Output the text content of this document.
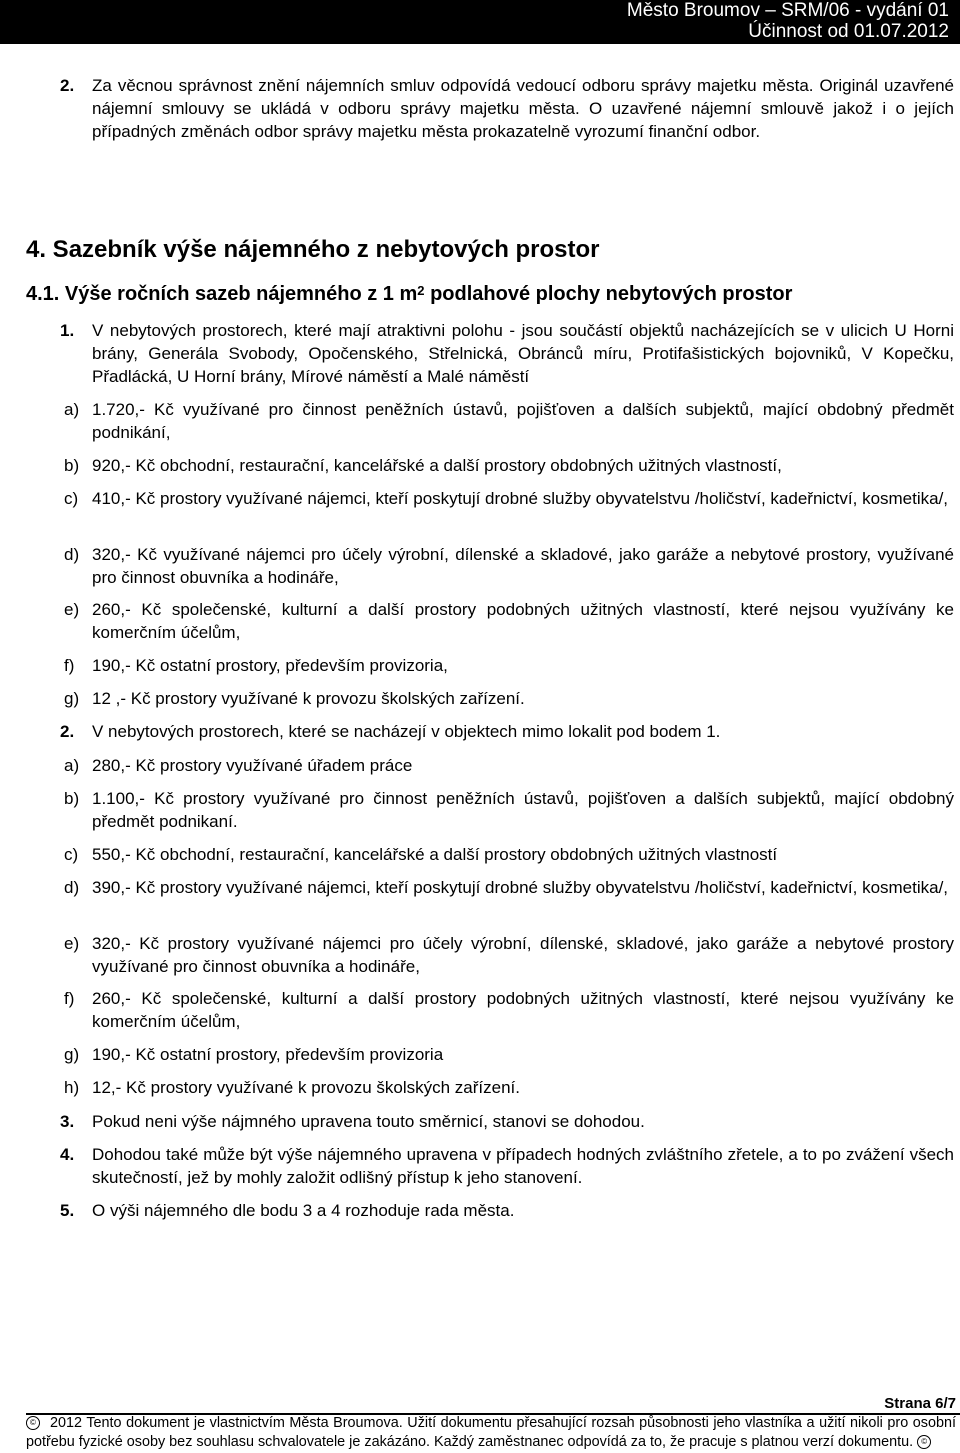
Město Broumov – SRM/06 - vydání 01
Účinnost od 01.07.2012
2. Za věcnou správnost znění nájemních smluv odpovídá vedoucí odboru správy majetku města. Originál uzavřené nájemní smlouvy se ukládá v odboru správy majetku města. O uzavřené nájemní smlouvě jakož i o jejích případných změnách odbor správy majetku města prokazatelně vyrozumí finanční odbor.
4. Sazebník výše nájemného z nebytových prostor
4.1. Výše ročních sazeb nájemného z 1 $m^2$ podlahové plochy nebytových prostor
1. V nebytových prostorech, které mají atraktivni polohu - jsou součástí objektů nacházejících se v ulicich U Horni brány, Generála Svobody, Opočenského, Střelnická, Obránců míru, Protifašistických bojovniků, V Kopečku, Přadlácká, U Horní brány, Mírové náměstí a Malé náměstí
a) 1.720,- Kč využívané pro činnost peněžních ústavů, pojišťoven a dalších subjektů, mající obdobný předmět podnikání,
b) 920,- Kč obchodní, restaurační, kancelářské a další prostory obdobných užitných vlastností,
c) 410,- Kč prostory využívané nájemci, kteří poskytují drobné služby obyvatelstvu /holičství, kadeřnictví, kosmetika/,
d) 320,- Kč využívané nájemci pro účely výrobní, dílenské a skladové, jako garáže a nebytové prostory, využívané pro činnost obuvníka a hodináře,
e) 260,- Kč společenské, kulturní a další prostory podobných užitných vlastností, které nejsou využívány ke komerčním účelům,
f) 190,- Kč ostatní prostory, především provizoria,
g) 12 ,- Kč prostory využívané k provozu školských zařízení.
2. V nebytových prostorech, které se nacházejí v objektech mimo lokalit pod bodem 1.
a) 280,- Kč prostory využívané úřadem práce
b) 1.100,- Kč prostory využívané pro činnost peněžních ústavů, pojišťoven a dalších subjektů, mající obdobný předmět podnikaní.
c) 550,- Kč obchodní, restaurační, kancelářské a další prostory obdobných užitných vlastností
d) 390,- Kč prostory využívané nájemci, kteří poskytují drobné služby obyvatelstvu /holičství, kadeřnictví, kosmetika/,
e) 320,- Kč prostory využívané nájemci pro účely výrobní, dílenské, skladové, jako garáže a nebytové prostory využívané pro činnost obuvníka a hodináře,
f) 260,- Kč společenské, kulturní a další prostory podobných užitných vlastností, které nejsou využívány ke komerčním účelům,
g) 190,- Kč ostatní prostory, především provizoria
h) 12,- Kč prostory využívané k provozu školských zařízení.
3. Pokud neni výše nájmného upravena touto směrnicí, stanovi se dohodou.
4. Dohodou také může být výše nájemného upravena v případech hodných zvláštního zřetele, a to po zvážení všech skutečností, jež by mohly založit odlišný přístup k jeho stanovení.
5. O výši nájemného dle bodu 3 a 4 rozhoduje rada města.
Strana 6/7
© 2012 Tento dokument je vlastnictvím Města Broumova. Užití dokumentu přesahující rozsah působnosti jeho vlastníka a užití nikoli pro osobní potřebu fyzické osoby bez souhlasu schvalovatele je zakázáno. Každý zaměstnanec odpovídá za to, že pracuje s platnou verzí dokumentu. ©
